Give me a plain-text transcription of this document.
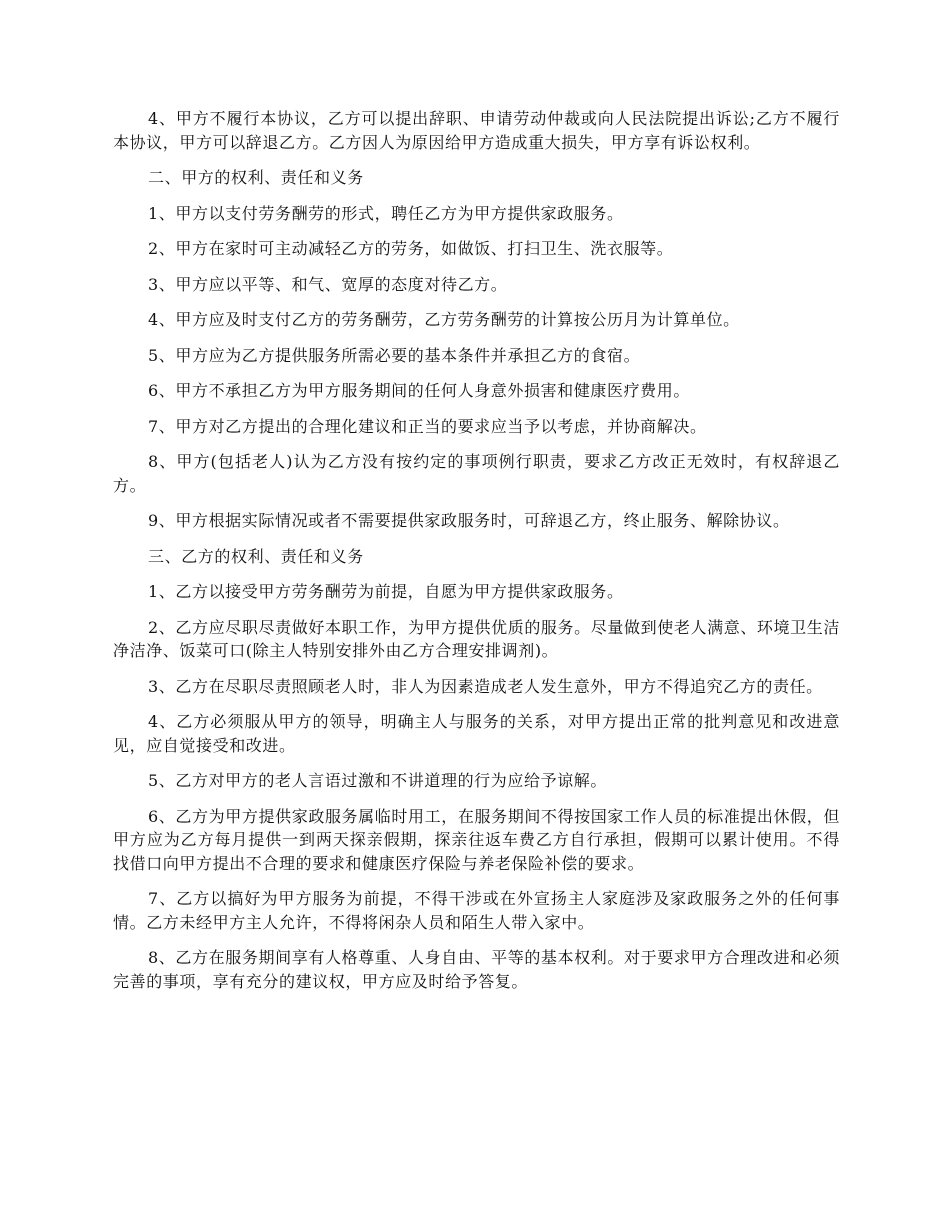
4、甲方不履行本协议，乙方可以提出辞职、申请劳动仲裁或向人民法院提出诉讼;乙方不履行本协议，甲方可以辞退乙方。乙方因人为原因给甲方造成重大损失，甲方享有诉讼权利。

二、甲方的权利、责任和义务

1、甲方以支付劳务酬劳的形式，聘任乙方为甲方提供家政服务。

2、甲方在家时可主动减轻乙方的劳务，如做饭、打扫卫生、洗衣服等。

3、甲方应以平等、和气、宽厚的态度对待乙方。

4、甲方应及时支付乙方的劳务酬劳，乙方劳务酬劳的计算按公历月为计算单位。

5、甲方应为乙方提供服务所需必要的基本条件并承担乙方的食宿。

6、甲方不承担乙方为甲方服务期间的任何人身意外损害和健康医疗费用。

7、甲方对乙方提出的合理化建议和正当的要求应当予以考虑，并协商解决。

8、甲方(包括老人)认为乙方没有按约定的事项例行职责，要求乙方改正无效时，有权辞退乙方。

9、甲方根据实际情况或者不需要提供家政服务时，可辞退乙方，终止服务、解除协议。

三、乙方的权利、责任和义务

1、乙方以接受甲方劳务酬劳为前提，自愿为甲方提供家政服务。

2、乙方应尽职尽责做好本职工作，为甲方提供优质的服务。尽量做到使老人满意、环境卫生洁净洁净、饭菜可口(除主人特别安排外由乙方合理安排调剂)。

3、乙方在尽职尽责照顾老人时，非人为因素造成老人发生意外，甲方不得追究乙方的责任。

4、乙方必须服从甲方的领导，明确主人与服务的关系，对甲方提出正常的批判意见和改进意见，应自觉接受和改进。

5、乙方对甲方的老人言语过激和不讲道理的行为应给予谅解。

6、乙方为甲方提供家政服务属临时用工，在服务期间不得按国家工作人员的标准提出休假，但甲方应为乙方每月提供一到两天探亲假期，探亲往返车费乙方自行承担，假期可以累计使用。不得找借口向甲方提出不合理的要求和健康医疗保险与养老保险补偿的要求。

7、乙方以搞好为甲方服务为前提，不得干涉或在外宣扬主人家庭涉及家政服务之外的任何事情。乙方未经甲方主人允许，不得将闲杂人员和陌生人带入家中。

8、乙方在服务期间享有人格尊重、人身自由、平等的基本权利。对于要求甲方合理改进和必须完善的事项，享有充分的建议权，甲方应及时给予答复。
